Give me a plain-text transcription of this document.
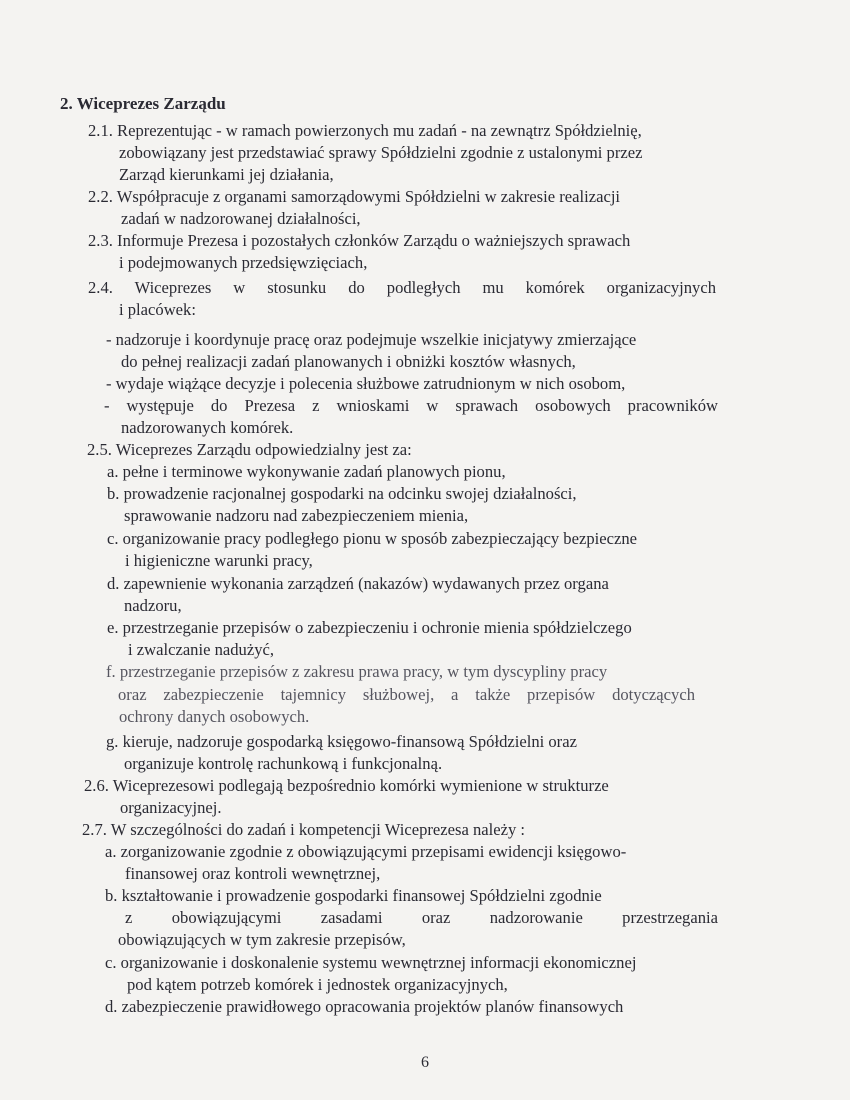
2. Wiceprezes Zarządu
2.1. Reprezentując - w ramach powierzonych mu zadań - na zewnątrz Spółdzielnię,
zobowiązany jest przedstawiać sprawy Spółdzielni zgodnie z ustalonymi przez
Zarząd kierunkami jej działania,
2.2. Współpracuje z organami samorządowymi Spółdzielni w zakresie realizacji
zadań w nadzorowanej działalności,
2.3. Informuje Prezesa i pozostałych członków Zarządu o ważniejszych sprawach
i podejmowanych przedsięwzięciach,
2.4. Wiceprezes w stosunku do podległych mu komórek organizacyjnych
i placówek:
- nadzoruje i koordynuje pracę oraz podejmuje wszelkie inicjatywy zmierzające
do pełnej realizacji zadań planowanych i obniżki kosztów własnych,
- wydaje wiążące decyzje i polecenia służbowe zatrudnionym w nich osobom,
- występuje do Prezesa z wnioskami w sprawach osobowych pracowników
nadzorowanych komórek.
2.5. Wiceprezes Zarządu odpowiedzialny jest za:
a. pełne i terminowe wykonywanie zadań planowych pionu,
b. prowadzenie racjonalnej gospodarki na odcinku swojej działalności,
sprawowanie nadzoru nad zabezpieczeniem mienia,
c. organizowanie pracy podległego pionu w sposób zabezpieczający bezpieczne
i higieniczne warunki pracy,
d. zapewnienie wykonania zarządzeń (nakazów) wydawanych przez organa
nadzoru,
e. przestrzeganie przepisów o zabezpieczeniu i ochronie mienia spółdzielczego
i zwalczanie nadużyć,
f. przestrzeganie przepisów z zakresu prawa pracy, w tym dyscypliny pracy
oraz zabezpieczenie tajemnicy służbowej, a także przepisów dotyczących
ochrony danych osobowych.
g. kieruje, nadzoruje gospodarką księgowo-finansową Spółdzielni oraz
organizuje kontrolę rachunkową i funkcjonalną.
2.6. Wiceprezesowi podlegają bezpośrednio komórki wymienione w strukturze
organizacyjnej.
2.7. W szczególności do zadań i kompetencji Wiceprezesa należy :
a. zorganizowanie zgodnie z obowiązującymi przepisami ewidencji księgowo-
finansowej oraz kontroli wewnętrznej,
b. kształtowanie i prowadzenie gospodarki finansowej Spółdzielni zgodnie
z obowiązującymi zasadami oraz nadzorowanie przestrzegania
obowiązujących w tym zakresie przepisów,
c. organizowanie i doskonalenie systemu wewnętrznej informacji ekonomicznej
pod kątem potrzeb komórek i jednostek organizacyjnych,
d. zabezpieczenie prawidłowego opracowania projektów planów finansowych
6
